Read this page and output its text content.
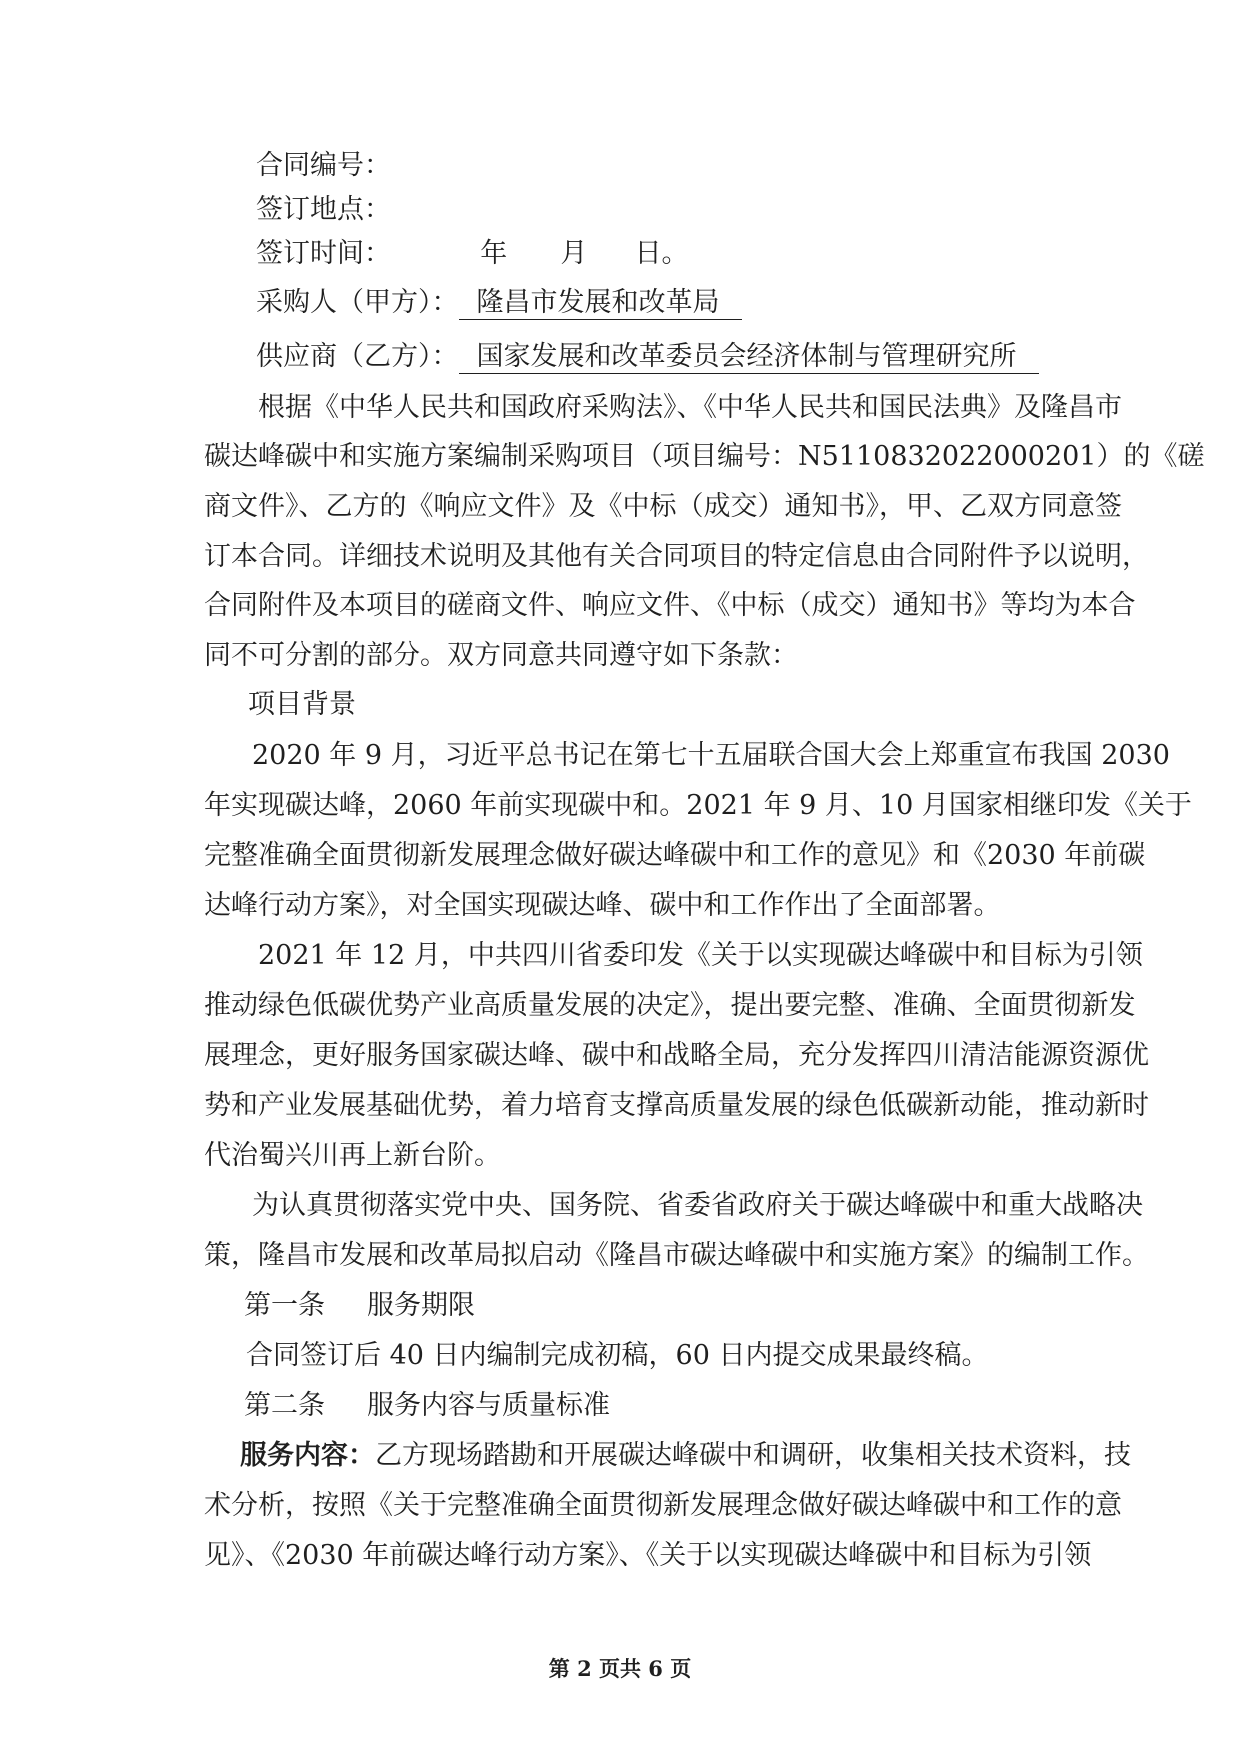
合同编号：
签订地点：
签订时间：	年 月 日。
采购人（甲方）： 隆昌市发展和改革局
供应商（乙方）： 国家发展和改革委员会经济体制与管理研究所
根据《中华人民共和国政府采购法》、《中华人民共和国民法典》及隆昌市
碳达峰碳中和实施方案编制采购项目（项目编号：N5110832022000201）的《磋
商文件》、乙方的《响应文件》及《中标（成交）通知书》，甲、乙双方同意签
订本合同。详细技术说明及其他有关合同项目的特定信息由合同附件予以说明，
合同附件及本项目的磋商文件、响应文件、《中标（成交）通知书》等均为本合
同不可分割的部分。双方同意共同遵守如下条款：
项目背景
2020 年 9 月，习近平总书记在第七十五届联合国大会上郑重宣布我国 2030
年实现碳达峰，2060 年前实现碳中和。2021 年 9 月、10 月国家相继印发《关于
完整准确全面贯彻新发展理念做好碳达峰碳中和工作的意见》和《2030 年前碳
达峰行动方案》，对全国实现碳达峰、碳中和工作作出了全面部署。
2021 年 12 月，中共四川省委印发《关于以实现碳达峰碳中和目标为引领
推动绿色低碳优势产业高质量发展的决定》，提出要完整、准确、全面贯彻新发
展理念，更好服务国家碳达峰、碳中和战略全局，充分发挥四川清洁能源资源优
势和产业发展基础优势，着力培育支撑高质量发展的绿色低碳新动能，推动新时
代治蜀兴川再上新台阶。
为认真贯彻落实党中央、国务院、省委省政府关于碳达峰碳中和重大战略决
策，隆昌市发展和改革局拟启动《隆昌市碳达峰碳中和实施方案》的编制工作。
第一条 服务期限
合同签订后 40 日内编制完成初稿，60 日内提交成果最终稿。
第二条 服务内容与质量标准
服务内容：乙方现场踏勘和开展碳达峰碳中和调研，收集相关技术资料，技
术分析，按照《关于完整准确全面贯彻新发展理念做好碳达峰碳中和工作的意
见》、《2030 年前碳达峰行动方案》、《关于以实现碳达峰碳中和目标为引领
第 2 页共 6 页
